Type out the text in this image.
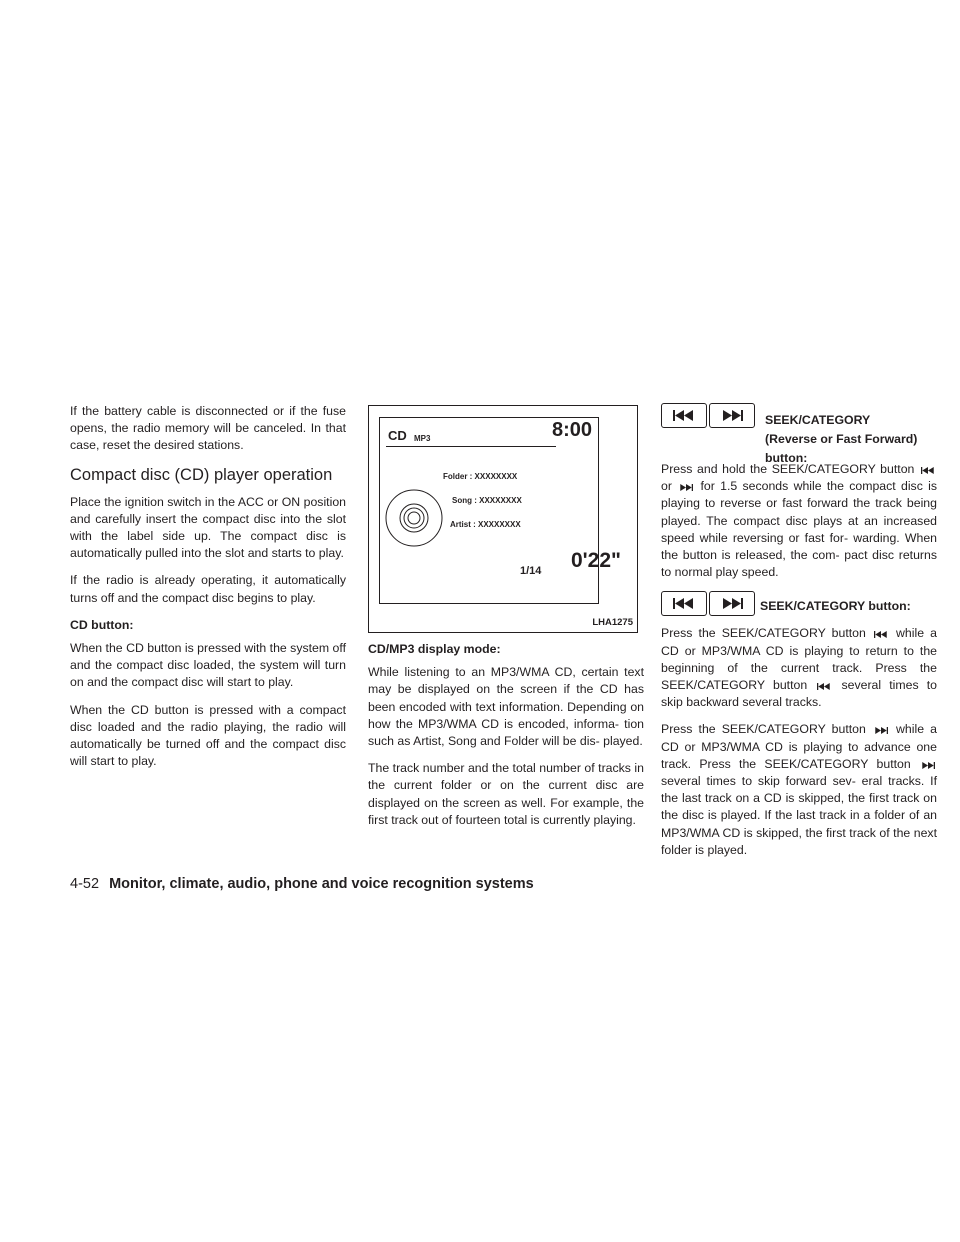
If the battery cable is disconnected or if the fuse opens, the radio memory will be canceled. In that case, reset the desired stations.

Compact disc (CD) player operation

Place the ignition switch in the ACC or ON position and carefully insert the compact disc into the slot with the label side up. The compact disc is automatically pulled into the slot and starts to play.

If the radio is already operating, it automatically turns off and the compact disc begins to play.

CD button:

When the CD button is pressed with the system off and the compact disc loaded, the system will turn on and the compact disc will start to play.

When the CD button is pressed with a compact disc loaded and the radio playing, the radio will automatically be turned off and the compact disc will start to play.

CD MP3	8:00
Folder : XXXXXXXX
Song : XXXXXXXX
Artist : XXXXXXXX
1/14 0'22"
LHA1275
CD/MP3 display mode:

While listening to an MP3/WMA CD, certain text may be displayed on the screen if the CD has been encoded with text information. Depending on how the MP3/WMA CD is encoded, informa- tion such as Artist, Song and Folder will be dis- played.

The track number and the total number of tracks in the current folder or on the current disc are displayed on the screen as well. For example, the first track out of fourteen total is currently playing.

SEEK/CATEGORY
(Reverse or Fast Forward)
button:

Press and hold the SEEK/CATEGORY button  or for 1.5 seconds while the compact disc is playing to reverse or fast forward the track being played. The compact disc plays at an increased speed while reversing or fast for- warding. When the button is released, the com- pact disc returns to normal play speed.

SEEK/CATEGORY button:

Press the SEEK/CATEGORY button while a CD or MP3/WMA CD is playing to return to the beginning of the current track. Press the SEEK/CATEGORY button	several times to skip backward several tracks.

Press the SEEK/CATEGORY button while a CD or MP3/WMA CD is playing to advance one track. Press the SEEK/CATEGORY button  several times to skip forward sev- eral tracks. If the last track on a CD is skipped, the first track on the disc is played. If the last track in a folder of an MP3/WMA CD is skipped, the first track of the next folder is played.

4-52 Monitor, climate, audio, phone and voice recognition systems
